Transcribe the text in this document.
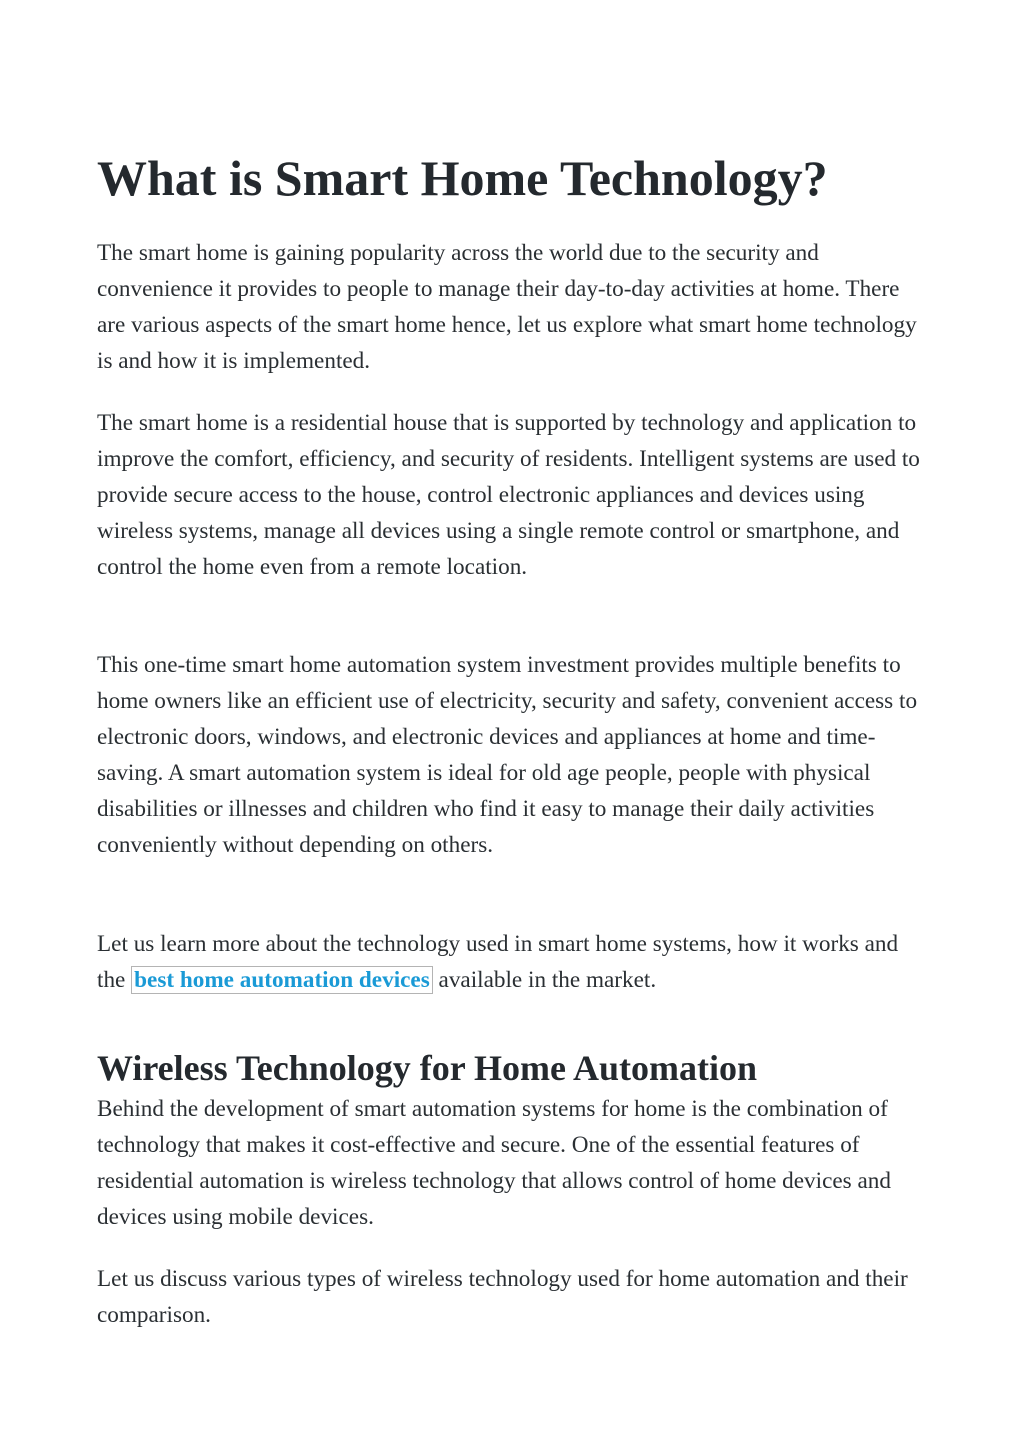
What is Smart Home Technology?

The smart home is gaining popularity across the world due to the security and convenience it provides to people to manage their day-to-day activities at home. There are various aspects of the smart home hence, let us explore what smart home technology is and how it is implemented.

The smart home is a residential house that is supported by technology and application to improve the comfort, efficiency, and security of residents. Intelligent systems are used to provide secure access to the house, control electronic appliances and devices using wireless systems, manage all devices using a single remote control or smartphone, and control the home even from a remote location.

This one-time smart home automation system investment provides multiple benefits to home owners like an efficient use of electricity, security and safety, convenient access to electronic doors, windows, and electronic devices and appliances at home and time-saving. A smart automation system is ideal for old age people, people with physical disabilities or illnesses and children who find it easy to manage their daily activities conveniently without depending on others.

Let us learn more about the technology used in smart home systems, how it works and the best home automation devices available in the market.

Wireless Technology for Home Automation

Behind the development of smart automation systems for home is the combination of technology that makes it cost-effective and secure. One of the essential features of residential automation is wireless technology that allows control of home devices and devices using mobile devices.

Let us discuss various types of wireless technology used for home automation and their comparison.
